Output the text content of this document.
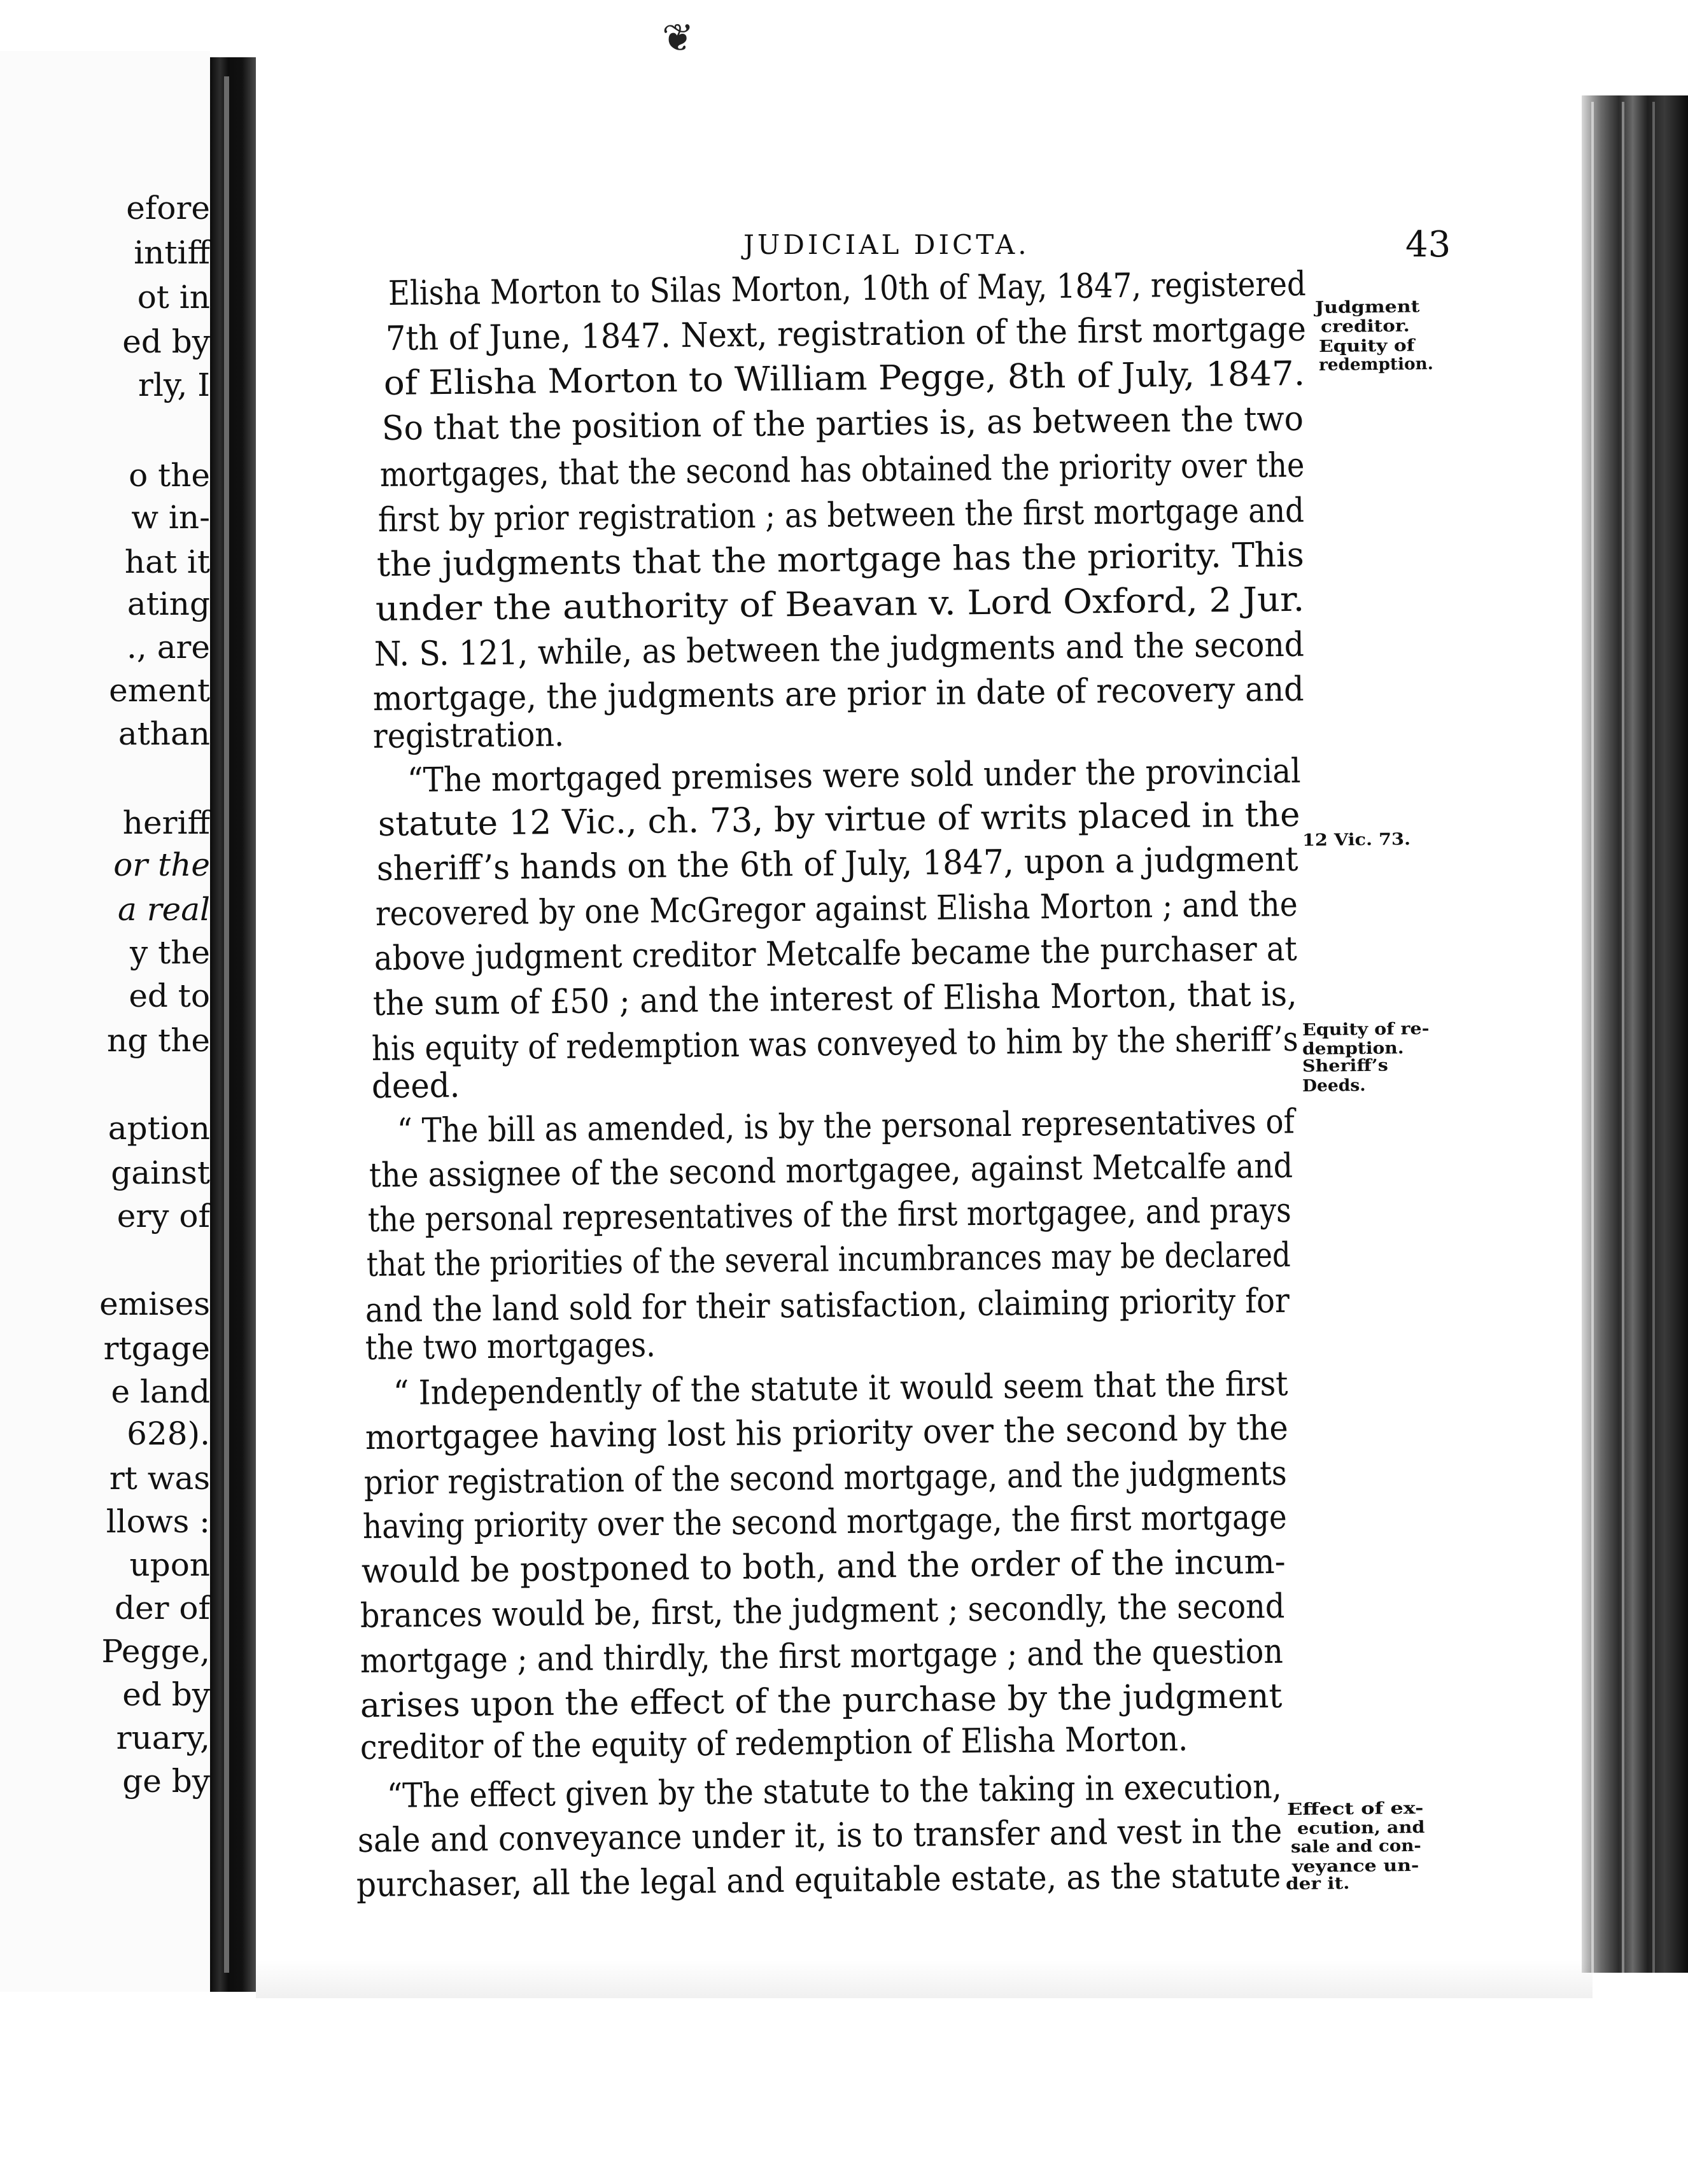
❦
efore
intiff
ot in
ed by
rly, I
o the
w in-
hat it
ating
., are
ement
athan
heriff
or the
a real
y the
ed to
ng the
aption
gainst
ery of
emises
rtgage
e land
628).
rt was
llows :
upon
der of
Pegge,
ed by
ruary,
ge by
JUDICIAL DICTA.	43
Elisha Morton to Silas Morton, 10th of May, 1847, registered
7th of June, 1847. Next, registration of the first mortgage
of Elisha Morton to William Pegge, 8th of July, 1847.
So that the position of the parties is, as between the two
mortgages, that the second has obtained the priority over the
first by prior registration ; as between the first mortgage and
the judgments that the mortgage has the priority. This
under the authority of Beavan v. Lord Oxford, 2 Jur.
N. S. 121, while, as between the judgments and the second
mortgage, the judgments are prior in date of recovery and
registration.
“The mortgaged premises were sold under the provincial
statute 12 Vic., ch. 73, by virtue of writs placed in the
sheriff’s hands on the 6th of July, 1847, upon a judgment
recovered by one McGregor against Elisha Morton ; and the
above judgment creditor Metcalfe became the purchaser at
the sum of £50 ; and the interest of Elisha Morton, that is,
his equity of redemption was conveyed to him by the sheriff’s
deed.
“ The bill as amended, is by the personal representatives of
the assignee of the second mortgagee, against Metcalfe and
the personal representatives of the first mortgagee, and prays
that the priorities of the several incumbrances may be declared
and the land sold for their satisfaction, claiming priority for
the two mortgages.
“ Independently of the statute it would seem that the first
mortgagee having lost his priority over the second by the
prior registration of the second mortgage, and the judgments
having priority over the second mortgage, the first mortgage
would be postponed to both, and the order of the incum-
brances would be, first, the judgment ; secondly, the second
mortgage ; and thirdly, the first mortgage ; and the question
arises upon the effect of the purchase by the judgment
creditor of the equity of redemption of Elisha Morton.
“The effect given by the statute to the taking in execution,
sale and conveyance under it, is to transfer and vest in the
purchaser, all the legal and equitable estate, as the statute
Judgment
creditor.
Equity of
redemption.
12 Vic. 73.
Equity of re-
demption.
Sheriff’s
Deeds.
Effect of ex-
ecution, and
sale and con-
veyance un-
der it.
